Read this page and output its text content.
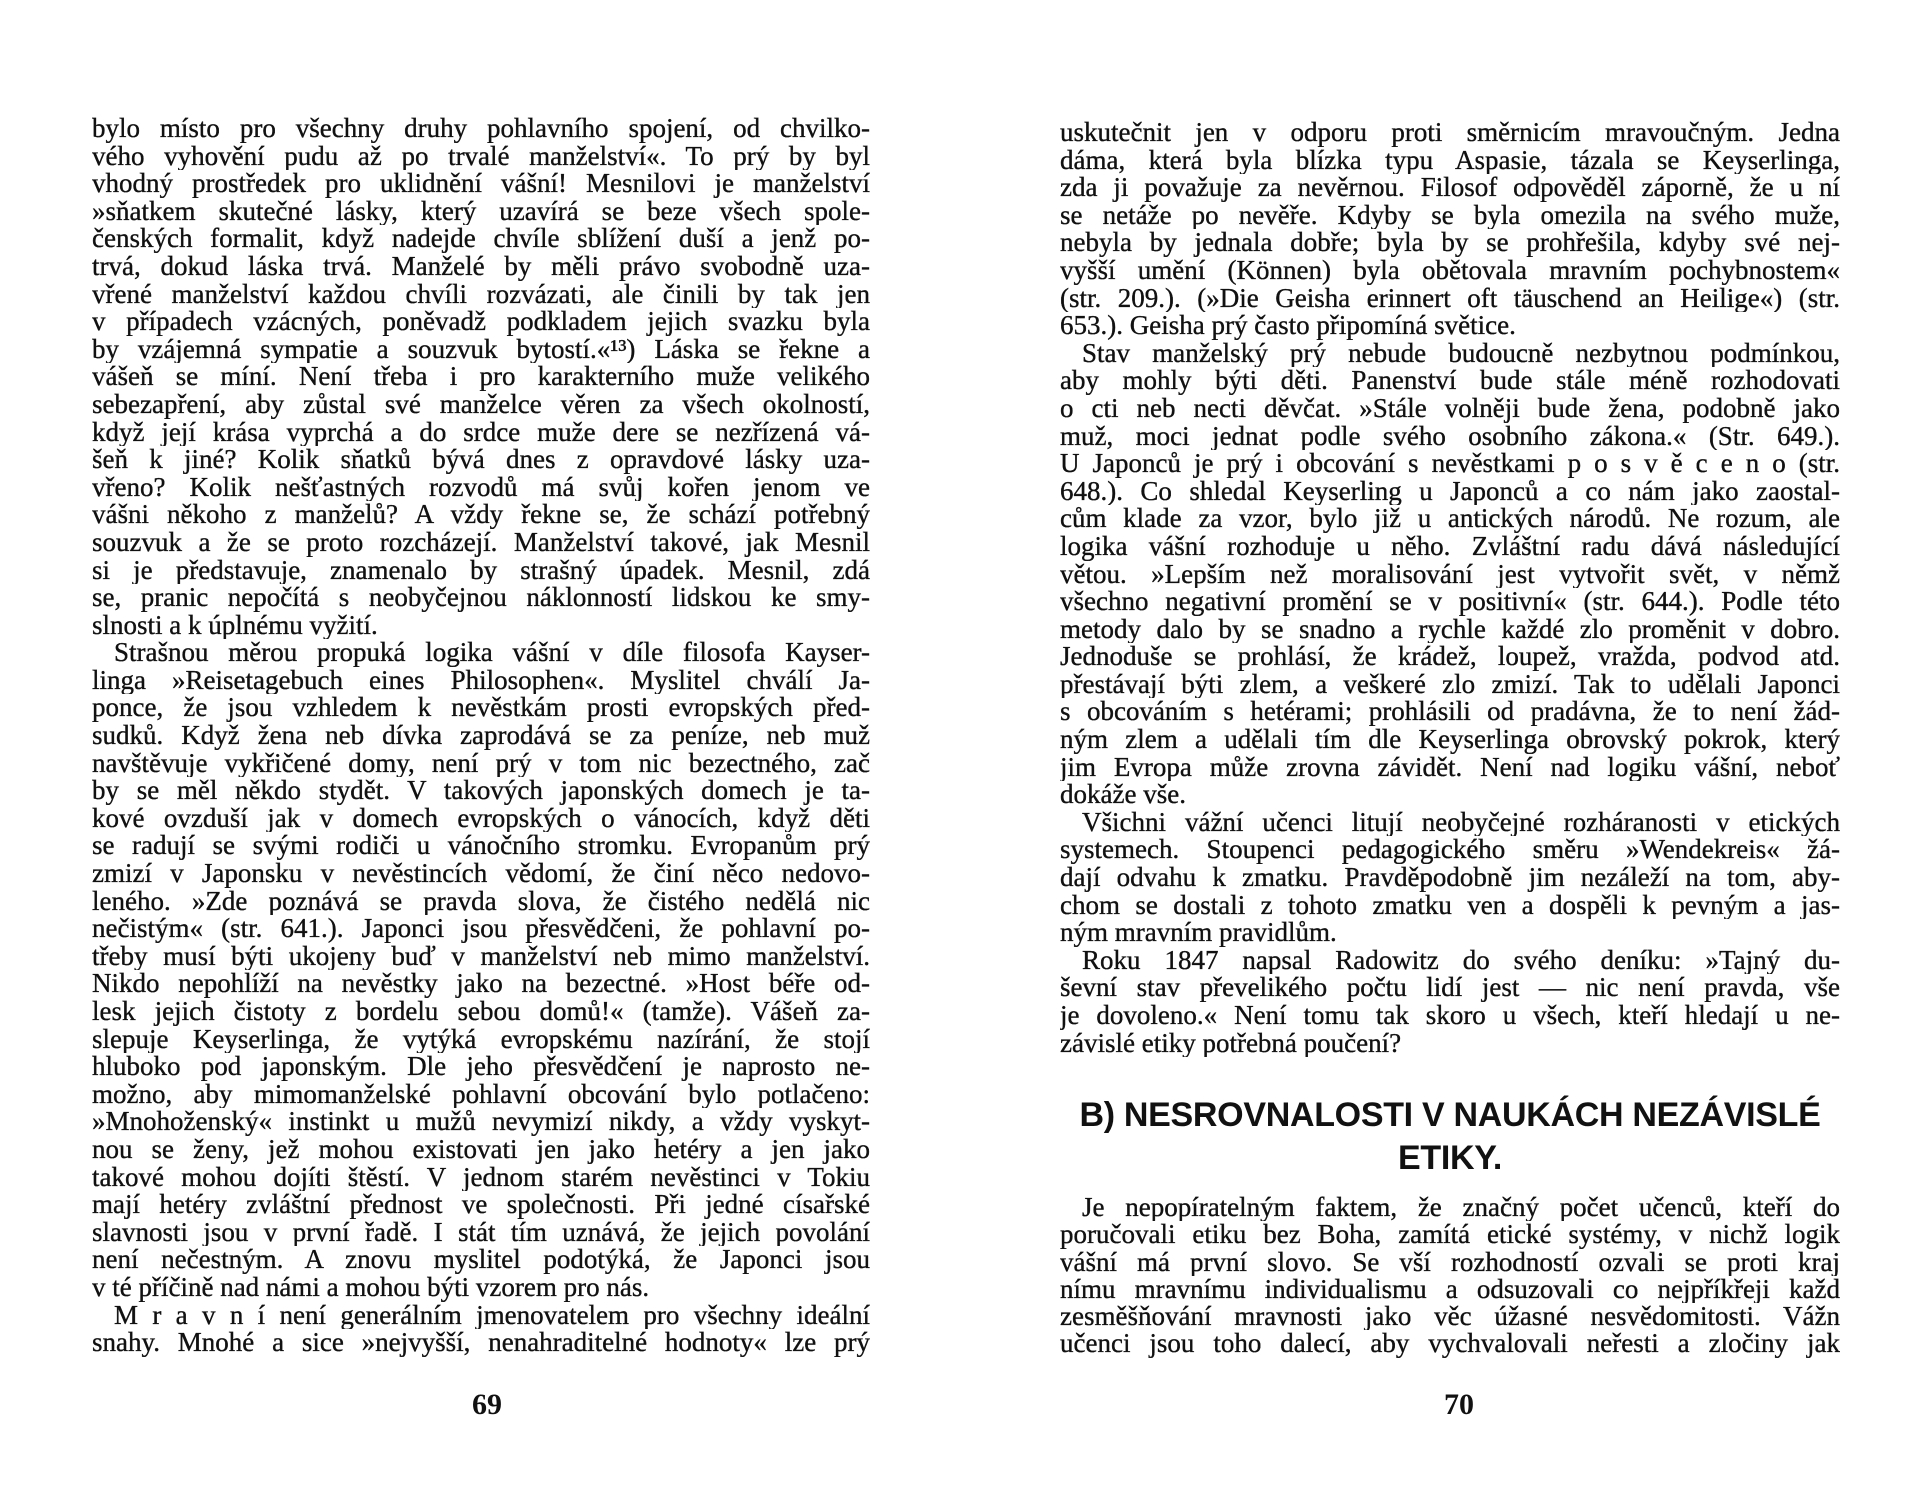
bylo místo pro všechny druhy pohlavního spojení, od chvilko-
vého vyhovění pudu až po trvalé manželství«. To prý by byl
vhodný prostředek pro uklidnění vášní! Mesnilovi je manželství
»sňatkem skutečné lásky, který uzavírá se beze všech spole-
čenských formalit, když nadejde chvíle sblížení duší a jenž po-
trvá, dokud láska trvá. Manželé by měli právo svobodně uza-
vřené manželství každou chvíli rozvázati, ale činili by tak jen
v případech vzácných, poněvadž podkladem jejich svazku byla
by vzájemná sympatie a souzvuk bytostí.«¹³) Láska se řekne a
vášeň se míní. Není třeba i pro karakterního muže velikého
sebezapření, aby zůstal své manželce věren za všech okolností,
když její krása vyprchá a do srdce muže dere se nezřízená vá-
šeň k jiné? Kolik sňatků bývá dnes z opravdové lásky uza-
vřeno? Kolik nešťastných rozvodů má svůj kořen jenom ve
vášni někoho z manželů? A vždy řekne se, že schází potřebný
souzvuk a že se proto rozcházejí. Manželství takové, jak Mesnil
si je představuje, znamenalo by strašný úpadek. Mesnil, zdá
se, pranic nepočítá s neobyčejnou náklonností lidskou ke smy-
slnosti a k úplnému vyžití.
Strašnou měrou propuká logika vášní v díle filosofa Kayser-
linga »Reisetagebuch eines Philosophen«. Myslitel chválí Ja-
ponce, že jsou vzhledem k nevěstkám prosti evropských před-
sudků. Když žena neb dívka zaprodává se za peníze, neb muž
navštěvuje vykřičené domy, není prý v tom nic bezectného, zač
by se měl někdo stydět. V takových japonských domech je ta-
kové ovzduší jak v domech evropských o vánocích, když děti
se radují se svými rodiči u vánočního stromku. Evropanům prý
zmizí v Japonsku v nevěstincích vědomí, že činí něco nedovo-
leného. »Zde poznává se pravda slova, že čistého nedělá nic
nečistým« (str. 641.). Japonci jsou přesvědčeni, že pohlavní po-
třeby musí býti ukojeny buď v manželství neb mimo manželství.
Nikdo nepohlíží na nevěstky jako na bezectné. »Host béře od-
lesk jejich čistoty z bordelu sebou domů!« (tamže). Vášeň za-
slepuje Keyserlinga, že vytýká evropskému nazírání, že stojí
hluboko pod japonským. Dle jeho přesvědčení je naprosto ne-
možno, aby mimomanželské pohlavní obcování bylo potlačeno:
»Mnohoženský« instinkt u mužů nevymizí nikdy, a vždy vyskyt-
nou se ženy, jež mohou existovati jen jako hetéry a jen jako
takové mohou dojíti štěstí. V jednom starém nevěstinci v Tokiu
mají hetéry zvláštní přednost ve společnosti. Při jedné císařské
slavnosti jsou v první řadě. I stát tím uznává, že jejich povolání
není nečestným. A znovu myslitel podotýká, že Japonci jsou
v té příčině nad námi a mohou býti vzorem pro nás.
M r a v n í není generálním jmenovatelem pro všechny ideální
snahy. Mnohé a sice »nejvyšší, nenahraditelné hodnoty« lze prý
69
uskutečnit jen v odporu proti směrnicím mravoučným. Jedna
dáma, která byla blízka typu Aspasie, tázala se Keyserlinga,
zda ji považuje za nevěrnou. Filosof odpověděl záporně, že u ní
se netáže po nevěře. Kdyby se byla omezila na svého muže,
nebyla by jednala dobře; byla by se prohřešila, kdyby své nej-
vyšší umění (Können) byla obětovala mravním pochybnostem«
(str. 209.). (»Die Geisha erinnert oft täuschend an Heilige«) (str.
653.). Geisha prý často připomíná světice.
Stav manželský prý nebude budoucně nezbytnou podmínkou,
aby mohly býti děti. Panenství bude stále méně rozhodovati
o cti neb necti děvčat. »Stále volněji bude žena, podobně jako
muž, moci jednat podle svého osobního zákona.« (Str. 649.).
U Japonců je prý i obcování s nevěstkami p o s v ě c e n o (str.
648.). Co shledal Keyserling u Japonců a co nám jako zaostal-
cům klade za vzor, bylo již u antických národů. Ne rozum, ale
logika vášní rozhoduje u něho. Zvláštní radu dává následující
větou. »Lepším než moralisování jest vytvořit svět, v němž
všechno negativní promění se v positivní« (str. 644.). Podle této
metody dalo by se snadno a rychle každé zlo proměnit v dobro.
Jednoduše se prohlásí, že krádež, loupež, vražda, podvod atd.
přestávají býti zlem, a veškeré zlo zmizí. Tak to udělali Japonci
s obcováním s hetérami; prohlásili od pradávna, že to není žád-
ným zlem a udělali tím dle Keyserlinga obrovský pokrok, který
jim Evropa může zrovna závidět. Není nad logiku vášní, neboť
dokáže vše.
Všichni vážní učenci litují neobyčejné rozháranosti v etických
systemech. Stoupenci pedagogického směru »Wendekreis« žá-
dají odvahu k zmatku. Pravděpodobně jim nezáleží na tom, aby-
chom se dostali z tohoto zmatku ven a dospěli k pevným a jas-
ným mravním pravidlům.
Roku 1847 napsal Radowitz do svého deníku: »Tajný du-
ševní stav převelikého počtu lidí jest — nic není pravda, vše
je dovoleno.« Není tomu tak skoro u všech, kteří hledají u ne-
závislé etiky potřebná poučení?
B) NESROVNALOSTI V NAUKÁCH NEZÁVISLÉ
ETIKY.
Je nepopíratelným faktem, že značný počet učenců, kteří do
poručovali etiku bez Boha, zamítá etické systémy, v nichž logik
vášní má první slovo. Se vší rozhodností ozvali se proti kraj
nímu mravnímu individualismu a odsuzovali co nejpříkřeji každ
zesměšňování mravnosti jako věc úžasné nesvědomitosti. Vážn
učenci jsou toho dalecí, aby vychvalovali neřesti a zločiny jak
70
